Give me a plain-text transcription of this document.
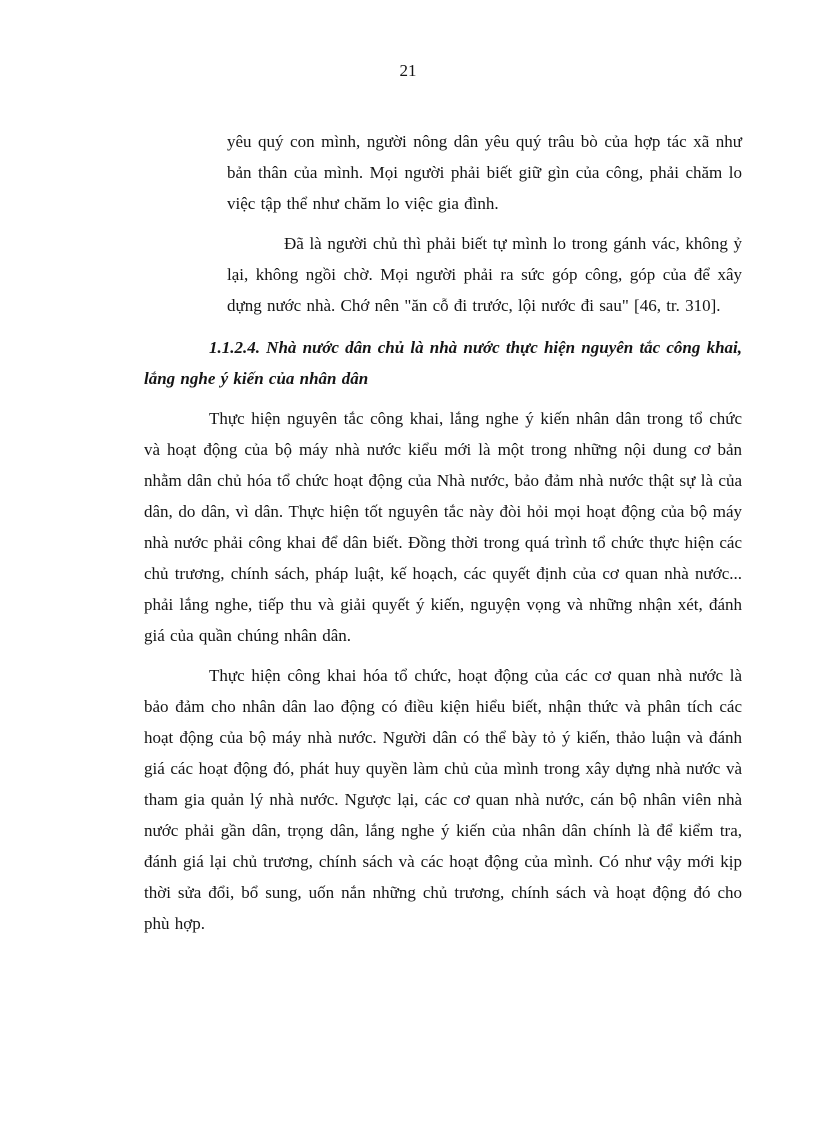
21

yêu quý con mình, người nông dân yêu quý trâu bò của hợp tác xã như bản thân của mình. Mọi người phải biết giữ gìn của công, phải chăm lo việc tập thể như chăm lo việc gia đình.

Đã là người chủ thì phải biết tự mình lo trong gánh vác, không ỷ lại, không ngồi chờ. Mọi người phải ra sức góp công, góp của để xây dựng nước nhà. Chớ nên "ăn cỗ đi trước, lội nước đi sau" [46, tr. 310].

1.1.2.4. Nhà nước dân chủ là nhà nước thực hiện nguyên tắc công khai, lắng nghe ý kiến của nhân dân

Thực hiện nguyên tắc công khai, lắng nghe ý kiến nhân dân trong tổ chức và hoạt động của bộ máy nhà nước kiểu mới là một trong những nội dung cơ bản nhằm dân chủ hóa tổ chức hoạt động của Nhà nước, bảo đảm nhà nước thật sự là của dân, do dân, vì dân. Thực hiện tốt nguyên tắc này đòi hỏi mọi hoạt động của bộ máy nhà nước phải công khai để dân biết. Đồng thời trong quá trình tổ chức thực hiện các chủ trương, chính sách, pháp luật, kế hoạch, các quyết định của cơ quan nhà nước... phải lắng nghe, tiếp thu và giải quyết ý kiến, nguyện vọng và những nhận xét, đánh giá của quần chúng nhân dân.

Thực hiện công khai hóa tổ chức, hoạt động của các cơ quan nhà nước là bảo đảm cho nhân dân lao động có điều kiện hiểu biết, nhận thức và phân tích các hoạt động của bộ máy nhà nước. Người dân có thể bày tỏ ý kiến, thảo luận và đánh giá các hoạt động đó, phát huy quyền làm chủ của mình trong xây dựng nhà nước và tham gia quản lý nhà nước. Ngược lại, các cơ quan nhà nước, cán bộ nhân viên nhà nước phải gần dân, trọng dân, lắng nghe ý kiến của nhân dân chính là để kiểm tra, đánh giá lại chủ trương, chính sách và các hoạt động của mình. Có như vậy mới kịp thời sửa đổi, bổ sung, uốn nắn những chủ trương, chính sách và hoạt động đó cho phù hợp.
